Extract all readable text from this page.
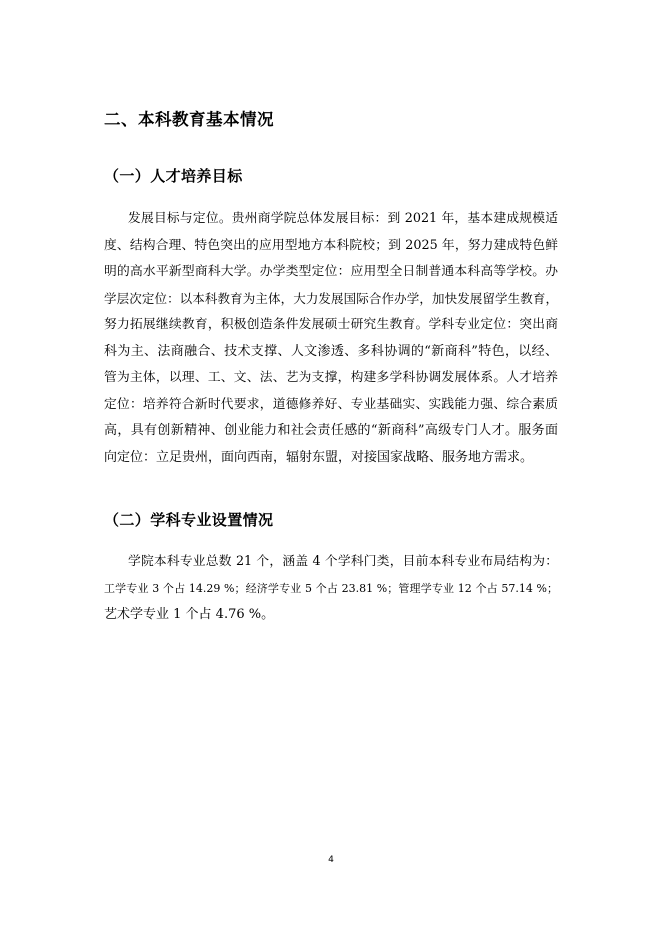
二、本科教育基本情况
（一）人才培养目标
发展目标与定位。贵州商学院总体发展目标：到 2021 年，基本建成规模适
度、结构合理、特色突出的应用型地方本科院校；到 2025 年，努力建成特色鲜
明的高水平新型商科大学。办学类型定位：应用型全日制普通本科高等学校。办
学层次定位：以本科教育为主体，大力发展国际合作办学，加快发展留学生教育，
努力拓展继续教育，积极创造条件发展硕士研究生教育。学科专业定位：突出商
科为主、法商融合、技术支撑、人文渗透、多科协调的“新商科”特色，以经、
管为主体，以理、工、文、法、艺为支撑，构建多学科协调发展体系。人才培养
定位：培养符合新时代要求，道德修养好、专业基础实、实践能力强、综合素质
高，具有创新精神、创业能力和社会责任感的“新商科”高级专门人才。服务面
向定位：立足贵州，面向西南，辐射东盟，对接国家战略、服务地方需求。
（二）学科专业设置情况
学院本科专业总数 21 个，涵盖 4 个学科门类，目前本科专业布局结构为：
工学专业 3 个占 14.29 %；经济学专业 5 个占 23.81 %；管理学专业 12 个占 57.14 %；
艺术学专业 1 个占 4.76 %。
4
